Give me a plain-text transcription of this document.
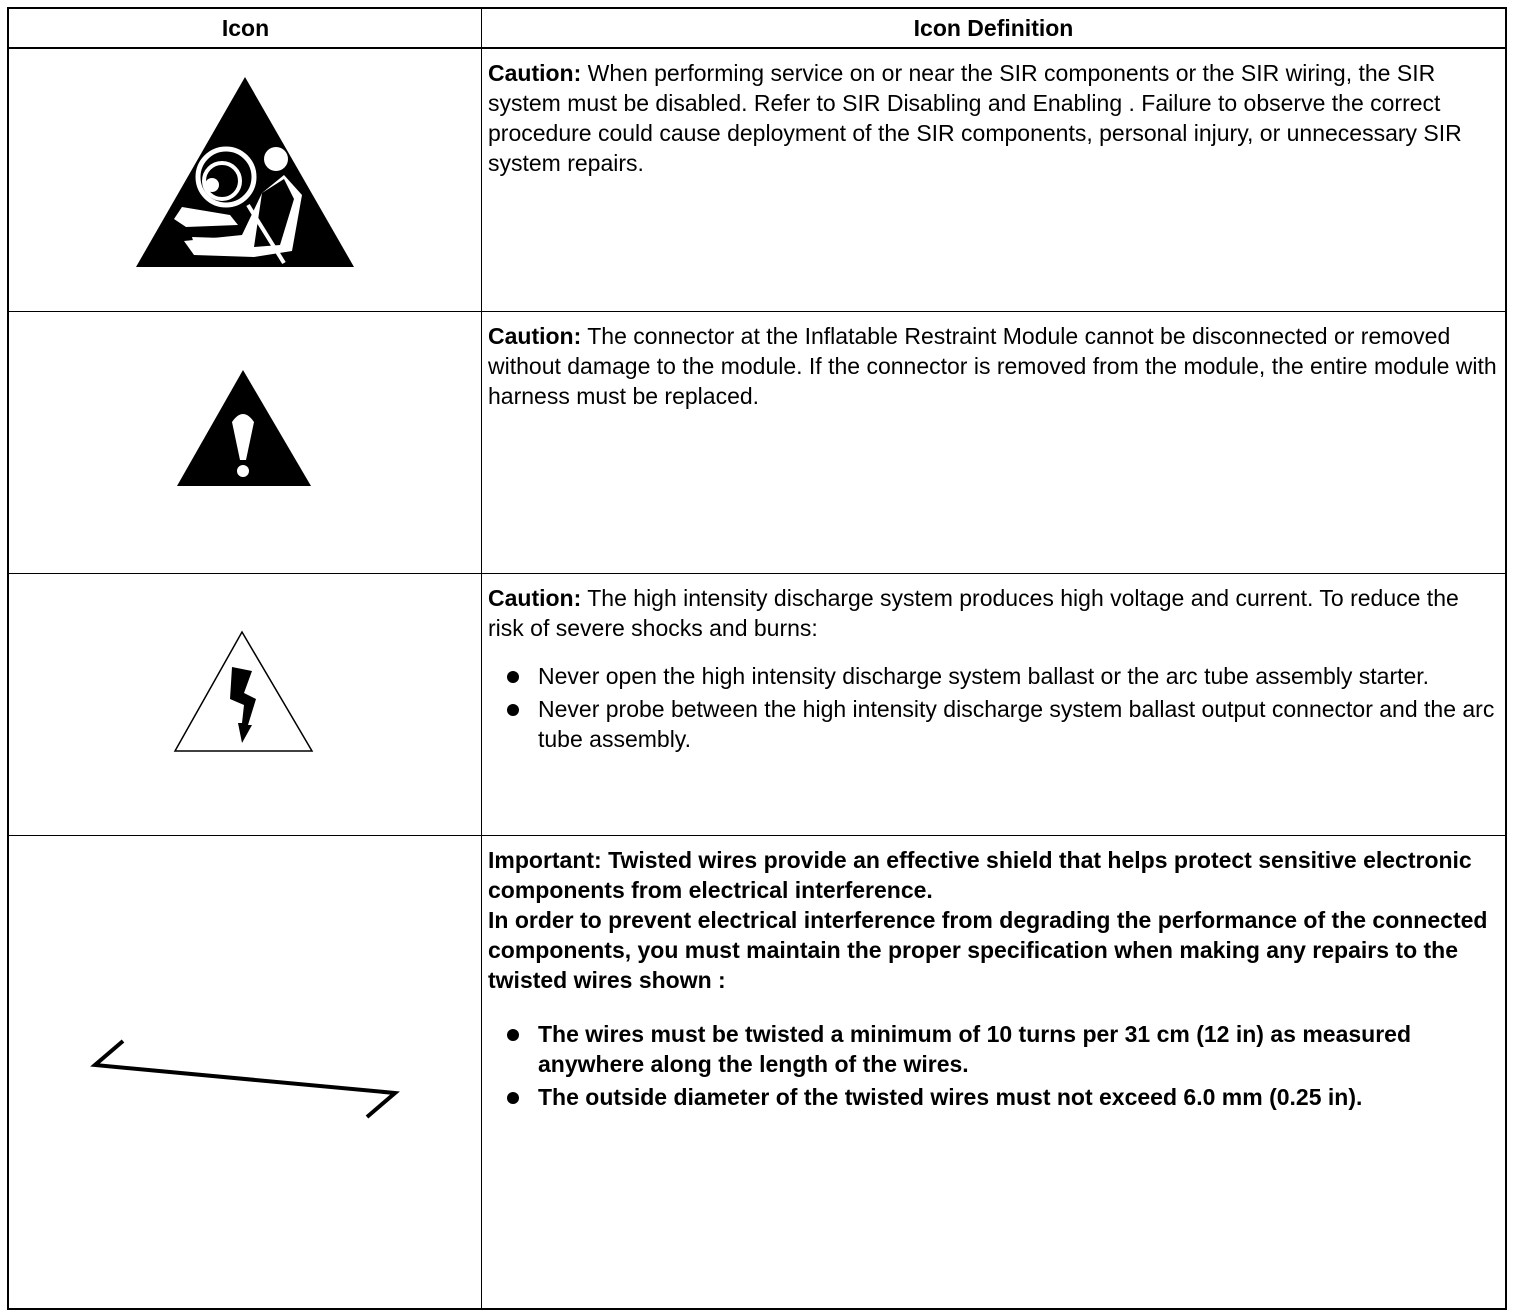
Icon	Icon Definition
Caution: When performing service on or near the SIR components or the SIR wiring, the SIR system must be disabled. Refer to SIR Disabling and Enabling . Failure to observe the correct procedure could cause deployment of the SIR components, personal injury, or unnecessary SIR system repairs.
Caution: The connector at the Inflatable Restraint Module cannot be disconnected or removed without damage to the module. If the connector is removed from the module, the entire module with harness must be replaced.
Caution: The high intensity discharge system produces high voltage and current. To reduce the risk of severe shocks and burns:
Never open the high intensity discharge system ballast or the arc tube assembly starter.
Never probe between the high intensity discharge system ballast output connector and the arc tube assembly.
Important: Twisted wires provide an effective shield that helps protect sensitive electronic components from electrical interference.
In order to prevent electrical interference from degrading the performance of the connected components, you must maintain the proper specification when making any repairs to the twisted wires shown :
The wires must be twisted a minimum of 10 turns per 31 cm (12 in) as measured anywhere along the length of the wires.
The outside diameter of the twisted wires must not exceed 6.0 mm (0.25 in).
